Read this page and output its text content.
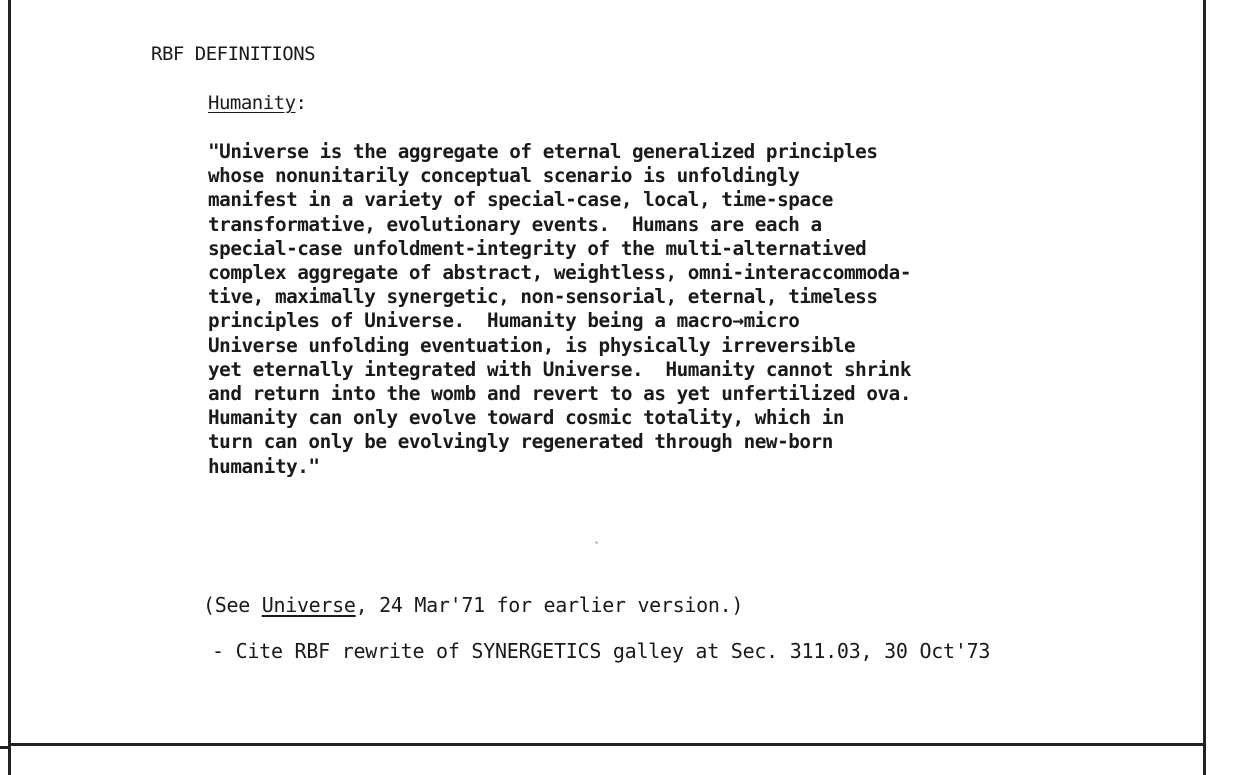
RBF DEFINITIONS
Humanity:
"Universe is the aggregate of eternal generalized principles
whose nonunitarily conceptual scenario is unfoldingly
manifest in a variety of special-case, local, time-space
transformative, evolutionary events.  Humans are each a
special-case unfoldment-integrity of the multi-alternatived
complex aggregate of abstract, weightless, omni-interaccommoda-
tive, maximally synergetic, non-sensorial, eternal, timeless
principles of Universe.  Humanity being a macro→micro
Universe unfolding eventuation, is physically irreversible
yet eternally integrated with Universe.  Humanity cannot shrink
and return into the womb and revert to as yet unfertilized ova.
Humanity can only evolve toward cosmic totality, which in
turn can only be evolvingly regenerated through new-born
humanity."
(See Universe, 24 Mar'71 for earlier version.)
- Cite RBF rewrite of SYNERGETICS galley at Sec. 311.03, 30 Oct'73
